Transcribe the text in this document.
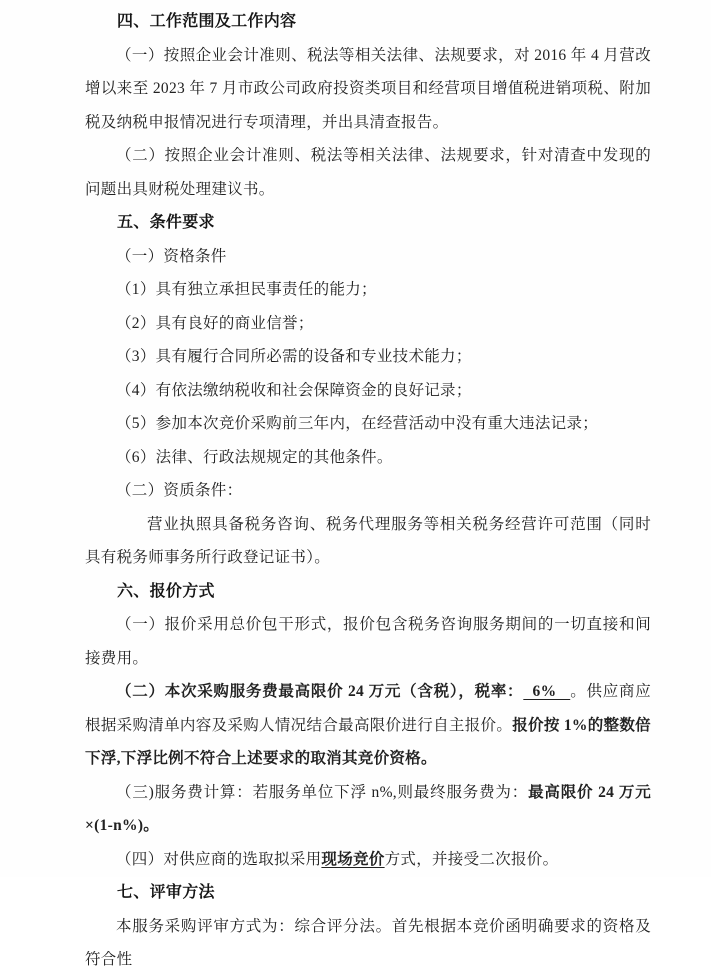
四、工作范围及工作内容

（一）按照企业会计准则、税法等相关法律、法规要求，对 2016 年 4 月营改增以来至 2023 年 7 月市政公司政府投资类项目和经营项目增值税进销项税、附加税及纳税申报情况进行专项清理，并出具清查报告。

（二）按照企业会计准则、税法等相关法律、法规要求，针对清查中发现的问题出具财税处理建议书。

五、条件要求

（一）资格条件

（1）具有独立承担民事责任的能力；

（2）具有良好的商业信誉；

（3）具有履行合同所必需的设备和专业技术能力；

（4）有依法缴纳税收和社会保障资金的良好记录；

（5）参加本次竞价采购前三年内，在经营活动中没有重大违法记录；

（6）法律、行政法规规定的其他条件。

（二）资质条件：

营业执照具备税务咨询、税务代理服务等相关税务经营许可范围（同时具有税务师事务所行政登记证书）。

六、报价方式

（一）报价采用总价包干形式，报价包含税务咨询服务期间的一切直接和间接费用。

（二）本次采购服务费最高限价 24 万元（含税），税率：  6%   。供应商应根据采购清单内容及采购人情况结合最高限价进行自主报价。报价按 1%的整数倍下浮,下浮比例不符合上述要求的取消其竞价资格。

（三)服务费计算：若服务单位下浮 n%,则最终服务费为：最高限价 24 万元×(1-n%)。

（四）对供应商的选取拟采用现场竞价方式，并接受二次报价。

七、评审方法

本服务采购评审方式为：综合评分法。首先根据本竞价函明确要求的资格及符合性
